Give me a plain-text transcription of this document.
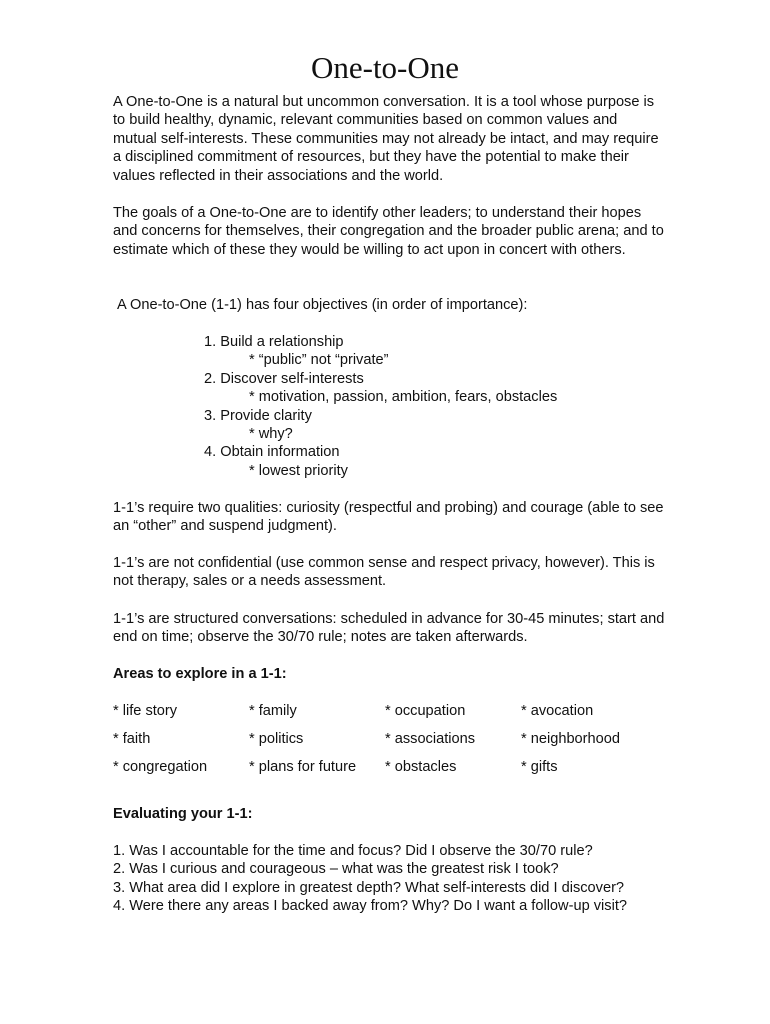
One-to-One

A One-to-One is a natural but uncommon conversation. It is a tool whose purpose is to build healthy, dynamic, relevant communities based on common values and mutual self-interests. These communities may not already be intact, and may require a disciplined commitment of resources, but they have the potential to make their values reflected in their associations and the world.

The goals of a One-to-One are to identify other leaders; to understand their hopes and concerns for themselves, their congregation and the broader public arena; and to estimate which of these they would be willing to act upon in concert with others.

A One-to-One (1-1) has four objectives (in order of importance):

1. Build a relationship
* “public” not “private”
2. Discover self-interests
* motivation, passion, ambition, fears, obstacles
3. Provide clarity
* why?
4. Obtain information
* lowest priority

1-1’s require two qualities: curiosity (respectful and probing) and courage (able to see an “other” and suspend judgment).

1-1’s are not confidential (use common sense and respect privacy, however). This is not therapy, sales or a needs assessment.

1-1’s are structured conversations: scheduled in advance for 30-45 minutes; start and end on time; observe the 30/70 rule; notes are taken afterwards.

Areas to explore in a 1-1:
* life story	* family	* occupation	* avocation
* faith	* politics	* associations	* neighborhood
* congregation	* plans for future	* obstacles	* gifts
Evaluating your 1-1:
1. Was I accountable for the time and focus? Did I observe the 30/70 rule?
2. Was I curious and courageous – what was the greatest risk I took?
3. What area did I explore in greatest depth? What self-interests did I discover?
4. Were there any areas I backed away from? Why? Do I want a follow-up visit?
